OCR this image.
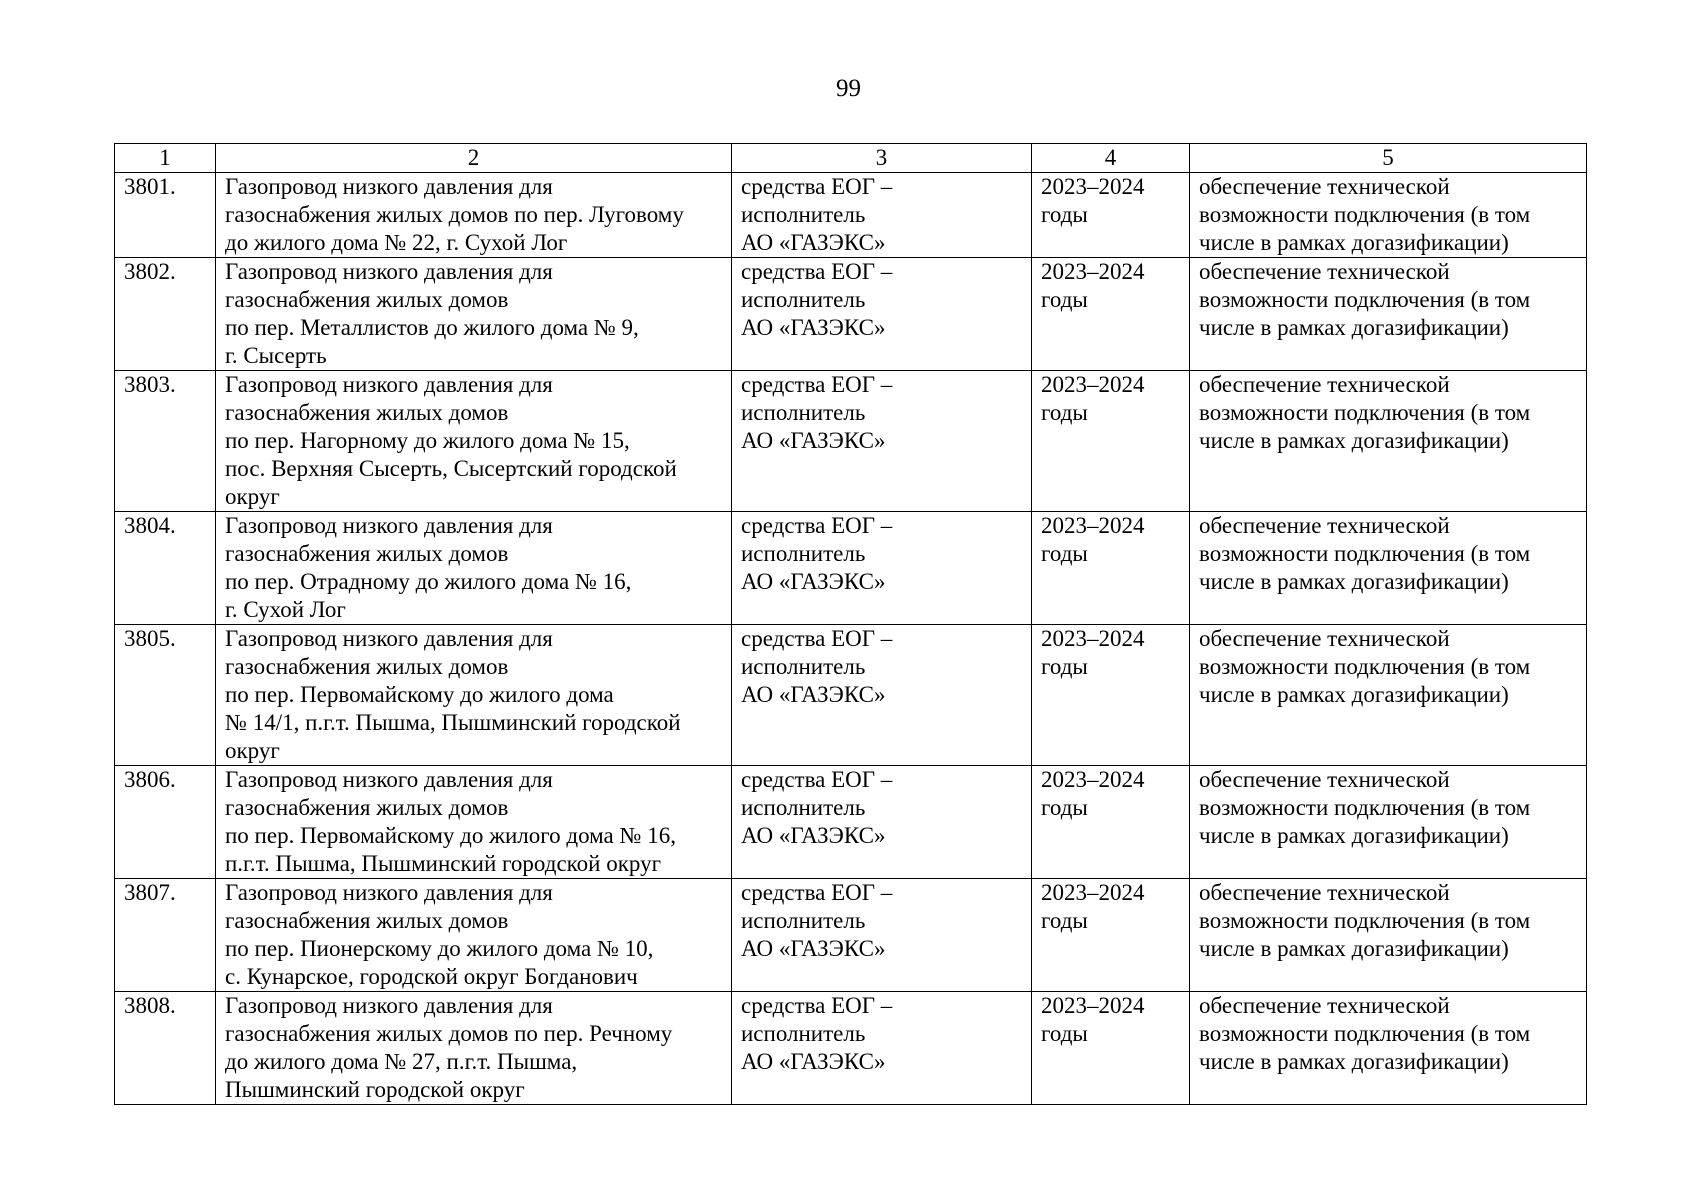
99
1	2	3	4	5
3801.	Газопровод низкого давления для
газоснабжения жилых домов по пер. Луговому
до жилого дома № 22, г. Сухой Лог	средства ЕОГ –
исполнитель
АО «ГАЗЭКС»	2023–2024
годы	обеспечение технической
возможности подключения (в том
числе в рамках догазификации)

3802.	Газопровод низкого давления для
газоснабжения жилых домов
по пер. Металлистов до жилого дома № 9,
г. Сысерть	средства ЕОГ –
исполнитель
АО «ГАЗЭКС»	2023–2024
годы	обеспечение технической
возможности подключения (в том
числе в рамках догазификации)

3803.	Газопровод низкого давления для
газоснабжения жилых домов
по пер. Нагорному до жилого дома № 15,
пос. Верхняя Сысерть, Сысертский городской
округ	средства ЕОГ –
исполнитель
АО «ГАЗЭКС»	2023–2024
годы	обеспечение технической
возможности подключения (в том
числе в рамках догазификации)

3804.	Газопровод низкого давления для
газоснабжения жилых домов
по пер. Отрадному до жилого дома № 16,
г. Сухой Лог	средства ЕОГ –
исполнитель
АО «ГАЗЭКС»	2023–2024
годы	обеспечение технической
возможности подключения (в том
числе в рамках догазификации)

3805.	Газопровод низкого давления для
газоснабжения жилых домов
по пер. Первомайскому до жилого дома
№ 14/1, п.г.т. Пышма, Пышминский городской
округ	средства ЕОГ –
исполнитель
АО «ГАЗЭКС»	2023–2024
годы	обеспечение технической
возможности подключения (в том
числе в рамках догазификации)

3806.	Газопровод низкого давления для
газоснабжения жилых домов
по пер. Первомайскому до жилого дома № 16,
п.г.т. Пышма, Пышминский городской округ	средства ЕОГ –
исполнитель
АО «ГАЗЭКС»	2023–2024
годы	обеспечение технической
возможности подключения (в том
числе в рамках догазификации)

3807.	Газопровод низкого давления для
газоснабжения жилых домов
по пер. Пионерскому до жилого дома № 10,
с. Кунарское, городской округ Богданович	средства ЕОГ –
исполнитель
АО «ГАЗЭКС»	2023–2024
годы	обеспечение технической
возможности подключения (в том
числе в рамках догазификации)

3808.	Газопровод низкого давления для
газоснабжения жилых домов по пер. Речному
до жилого дома № 27, п.г.т. Пышма,
Пышминский городской округ	средства ЕОГ –
исполнитель
АО «ГАЗЭКС»	2023–2024
годы	обеспечение технической
возможности подключения (в том
числе в рамках догазификации)
